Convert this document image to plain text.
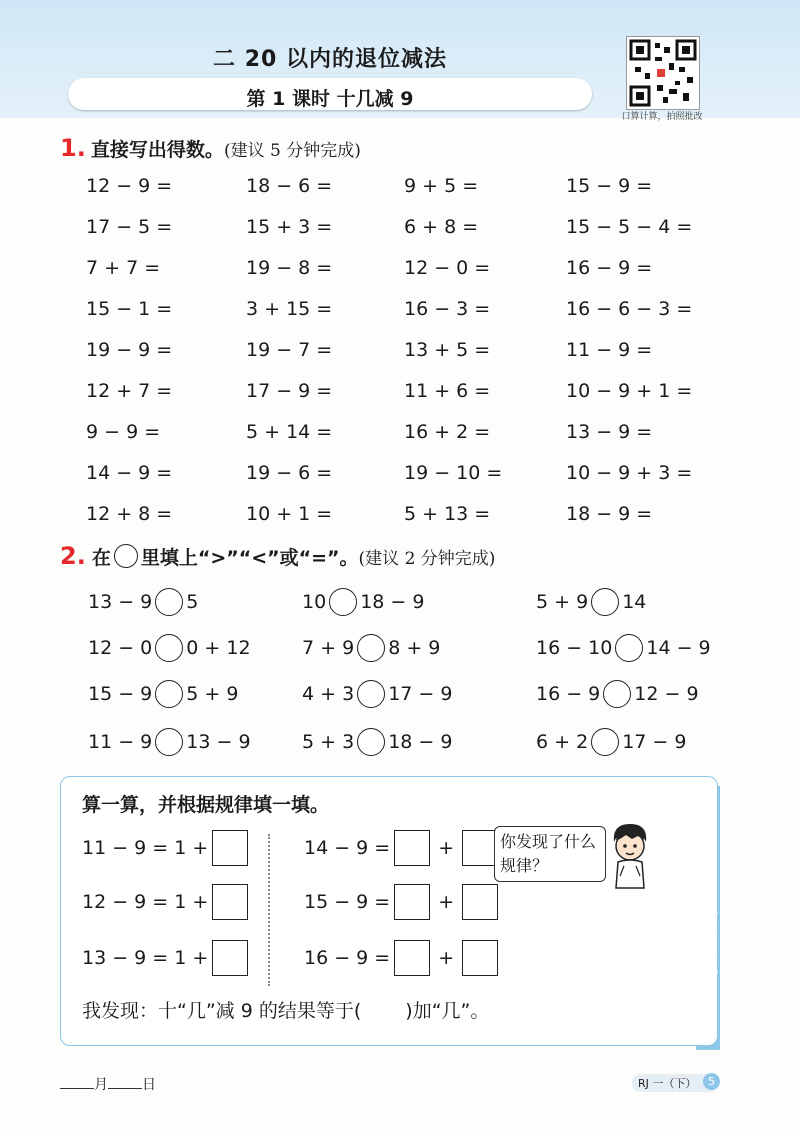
二 20 以内的退位减法
第 1 课时 十几减 9
口算计算，拍照批改
1. 直接写出得数。(建议 5 分钟完成)
12 − 9 =	18 − 6 =	9 + 5 =	15 − 9 =
17 − 5 =	15 + 3 =	6 + 8 =	15 − 5 − 4 =
7 + 7 =	19 − 8 =	12 − 0 =	16 − 9 =
15 − 1 =	3 + 15 =	16 − 3 =	16 − 6 − 3 =
19 − 9 =	19 − 7 =	13 + 5 =	11 − 9 =
12 + 7 =	17 − 9 =	11 + 6 =	10 − 9 + 1 =
9 − 9 =	5 + 14 =	16 + 2 =	13 − 9 =
14 − 9 =	19 − 6 =	19 − 10 =	10 − 9 + 3 =
12 + 8 =	10 + 1 =	5 + 13 =	18 − 9 =
2. 在 里填上“>”“<”或“=”。 (建议 2 分钟完成)
13 − 9 5	10 18 − 9	5 + 9 14
12 − 0 0 + 12	7 + 9 8 + 9	16 − 10 14 − 9
15 − 9 5 + 9	4 + 3 17 − 9	16 − 9 12 − 9
11 − 9 13 − 9	5 + 3 18 − 9	6 + 2 17 − 9
·提升练·
算一算，并根据规律填一填。
11 − 9 = 1 +
12 − 9 = 1 +
13 − 9 = 1 +
14 − 9 =	+
15 − 9 =	+
16 − 9 =	+
你发现了什么规律？
我发现：十“几”减 9 的结果等于( )加“几”。
月 日	RJ 一（下）	5
